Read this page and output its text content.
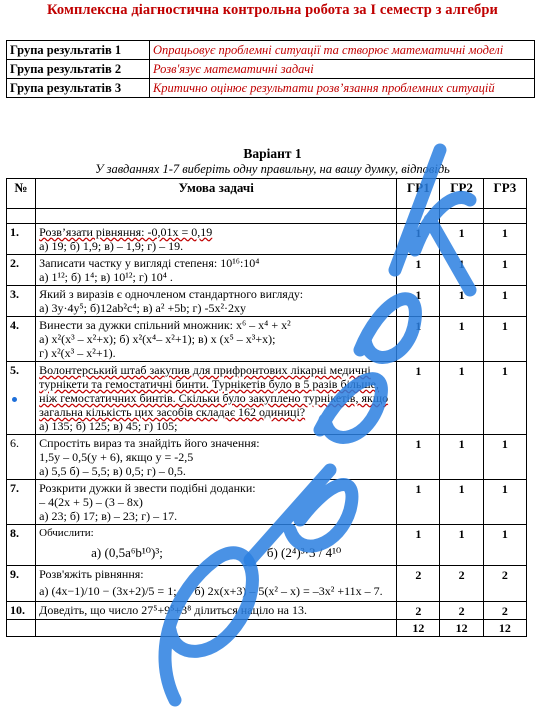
Комплексна діагностична контрольна робота за І семестр з алгебри
Група результатів 1	Опрацьовує проблемні ситуації та створює математичні моделі
Група результатів 2	Розв'язує математичні задачі
Група результатів 3	Критично оцінює результати розв’язання проблемних ситуацій
Варіант 1
У завданнях 1-7 виберіть одну правильну, на вашу думку, відповідь
№	Умова задачі	ГР1	ГР2	ГР3

1.	Розв’язати рівняння: -0,01х = 0,19
а) 19; б) 1,9; в) – 1,9; г) – 19.	1	1	1
2.	Записати частку у вигляді степеня: 10¹⁶:10⁴
а) 1¹²; б) 1⁴; в) 10¹²; г) 10⁴ .	1	1	1
3.	Який з виразів є одночленом стандартного вигляду:
а) 3у·4у⁵; б)12ab²c⁴; в) a² +5b; г) -5x²·2xy	1	1	1
4.	Винести за дужки спільний множник: x⁶ – x⁴ + x²
а) x²(x³ – x²+x); б) x²(x⁴– x²+1); в) x (x⁵ – x³+x);
г) x²(x³ – x²+1).	1	1	1
5.	Волонтерський штаб закупив для прифронтових лікарні медичні турнікети та гемостатичні бинти. Турнікетів було в 5 разів більше, ніж гемостатичних бинтів. Скільки було закуплено турнікетів, якщо загальна кількість цих засобів складає 162 одиниці?
а) 135; б) 125; в) 45; г) 105;	1	1	1
6.	Спростіть вираз та знайдіть його значення:
1,5у – 0,5(у + 6), якщо у = -2,5
а) 5,5 б) – 5,5; в) 0,5; г) – 0,5.	1	1	1
7.	Розкрити дужки й звести подібні доданки:
– 4(2х + 5) – (3 – 8х)
а) 23; б) 17; в) – 23; г) – 17.	1	1	1
8.	Обчислити:
а) (0,5a⁶b¹⁰)³; б) (2⁴)³·3 / 4¹⁰	1	1	1
9.	Розв'яжіть рівняння:
а) (4x−1)/10 − (3x+2)/5 = 1; б) 2x(x+3) – 5(x² – x) = –3x² +11x – 7.	2	2	2
10.	Доведіть, що число 27⁵+9⁵+3⁸ ділиться націло на 13.	2	2	2
		12	12	12
